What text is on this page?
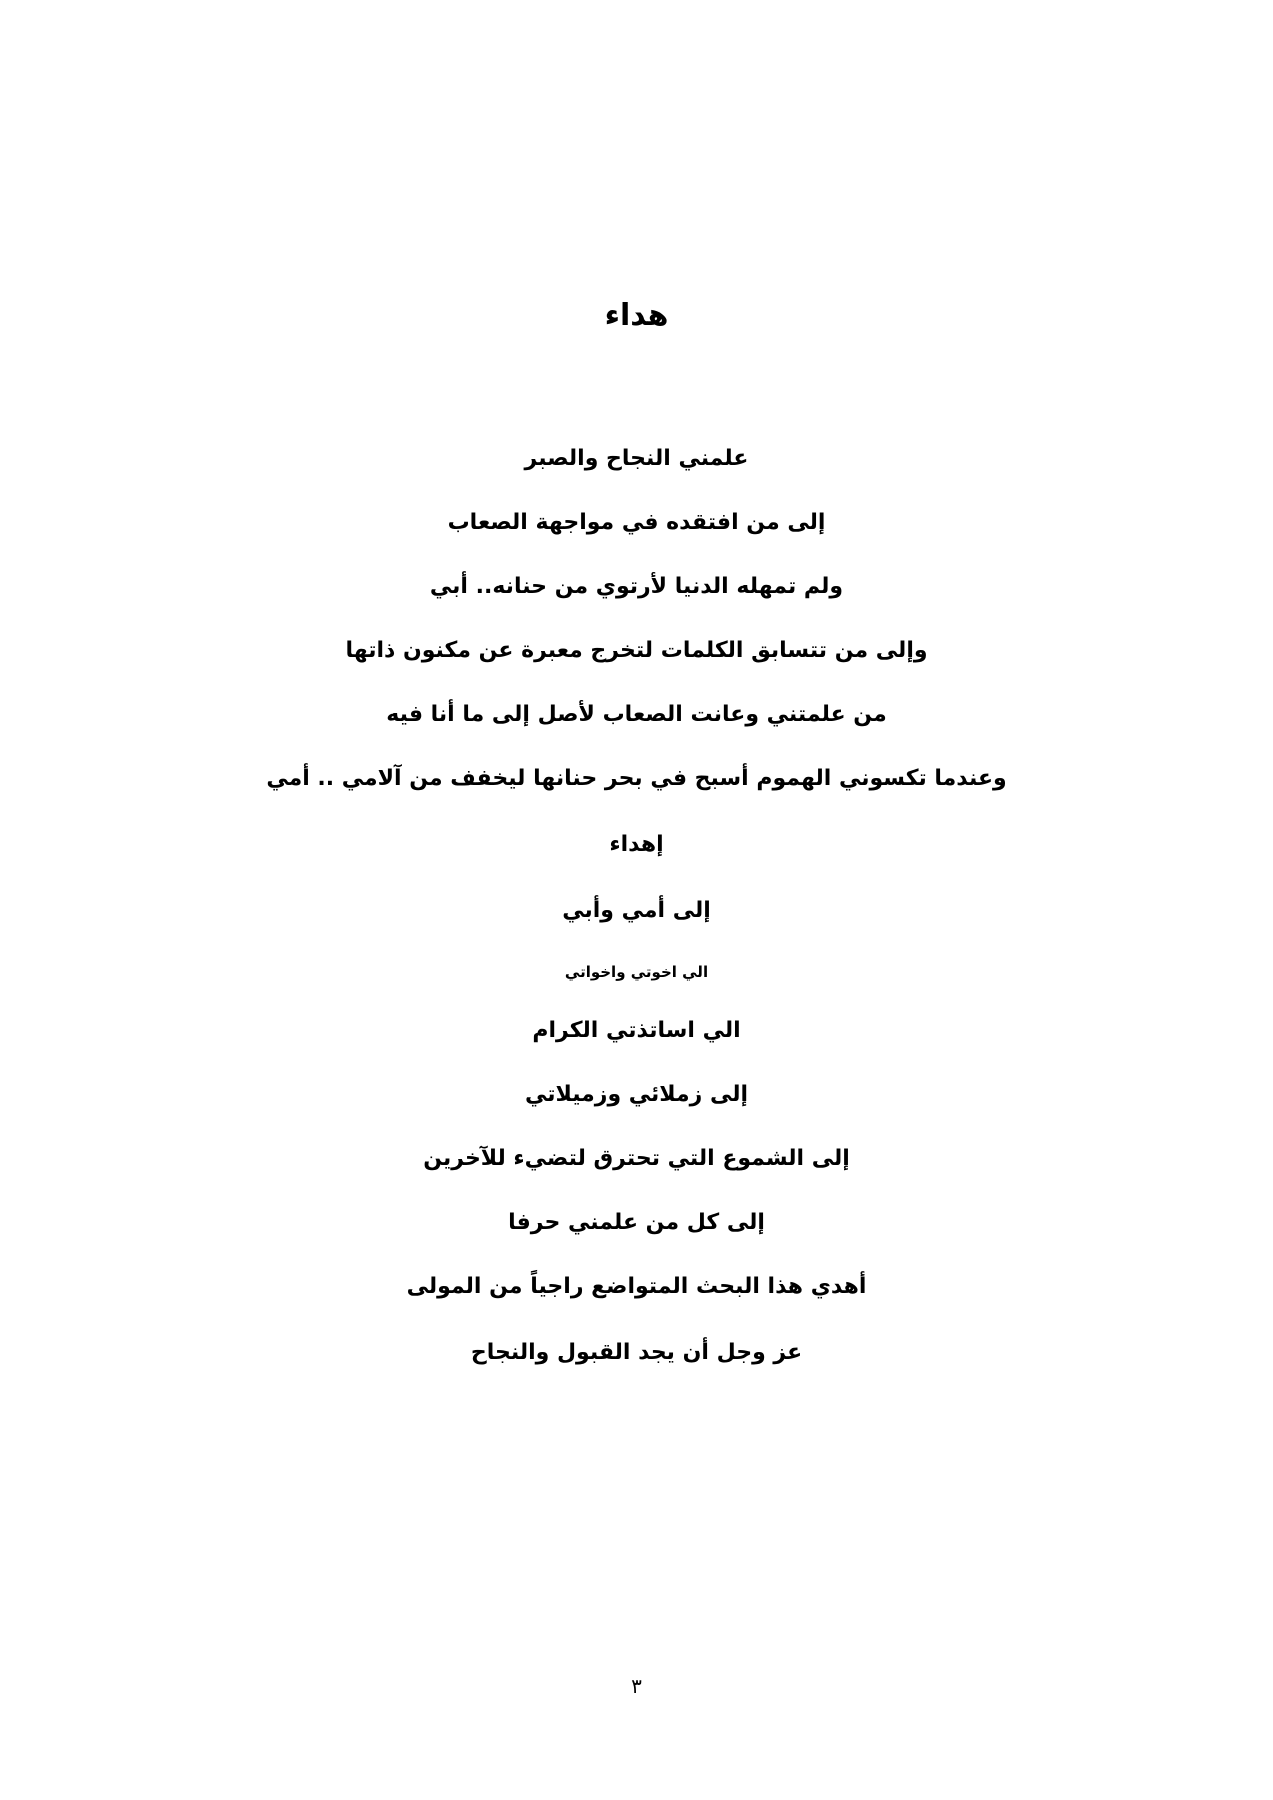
هداء
علمني النجاح والصبر
إلى من افتقده في مواجهة الصعاب
ولم تمهله الدنيا لأرتوي من حنانه.. أبي
وإلى من تتسابق الكلمات لتخرج معبرة عن مكنون ذاتها
من علمتني وعانت الصعاب لأصل إلى ما أنا فيه
وعندما تكسوني الهموم أسبح في بحر حنانها ليخفف من آلامي .. أمي
إهداء
إلى أمي وأبي
الي اخوتي واخواتي
الي اساتذتي الكرام
إلى زملائي وزميلاتي
إلى الشموع التي تحترق لتضيء للآخرين
إلى كل من علمني حرفا
أهدي هذا البحث المتواضع راجياً من المولى
عز وجل أن يجد القبول والنجاح
٣
